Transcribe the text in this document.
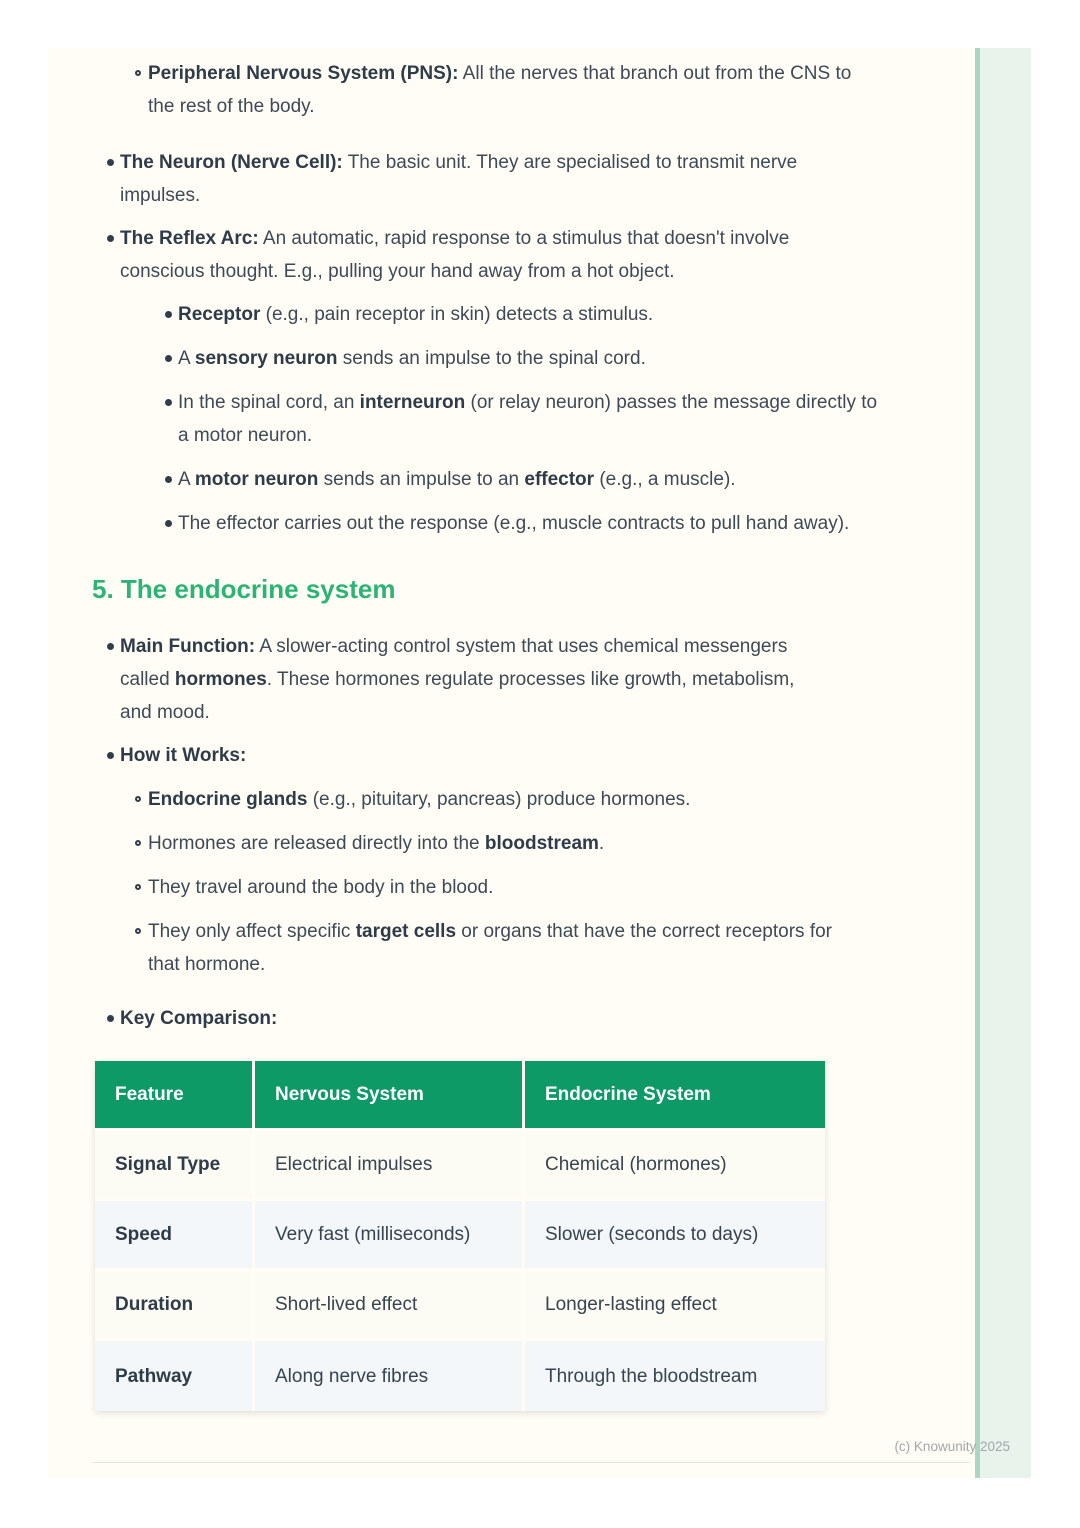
Peripheral Nervous System (PNS): All the nerves that branch out from the CNS to the rest of the body.
The Neuron (Nerve Cell): The basic unit. They are specialised to transmit nerve impulses.
The Reflex Arc: An automatic, rapid response to a stimulus that doesn't involve conscious thought. E.g., pulling your hand away from a hot object.
Receptor (e.g., pain receptor in skin) detects a stimulus.
A sensory neuron sends an impulse to the spinal cord.
In the spinal cord, an interneuron (or relay neuron) passes the message directly to a motor neuron.
A motor neuron sends an impulse to an effector (e.g., a muscle).
The effector carries out the response (e.g., muscle contracts to pull hand away).
5. The endocrine system
Main Function: A slower-acting control system that uses chemical messengers called hormones. These hormones regulate processes like growth, metabolism, and mood.
How it Works:
Endocrine glands (e.g., pituitary, pancreas) produce hormones.
Hormones are released directly into the bloodstream.
They travel around the body in the blood.
They only affect specific target cells or organs that have the correct receptors for that hormone.
Key Comparison:
Feature	Nervous System	Endocrine System
Signal Type	Electrical impulses	Chemical (hormones)
Speed	Very fast (milliseconds)	Slower (seconds to days)
Duration	Short-lived effect	Longer-lasting effect
Pathway	Along nerve fibres	Through the bloodstream
(c) Knowunity 2025
